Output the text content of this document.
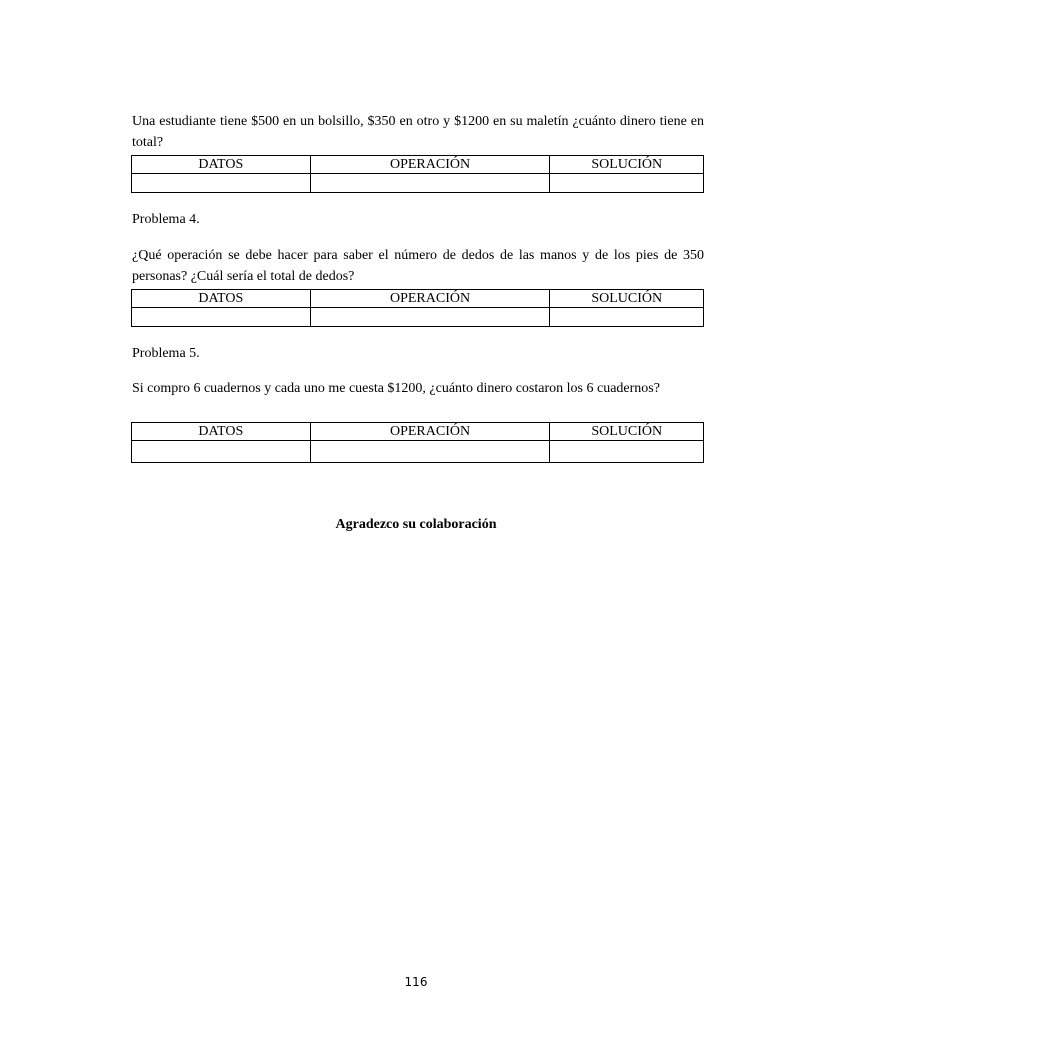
Una estudiante tiene $500 en un bolsillo, $350 en otro y $1200 en su maletín ¿cuánto dinero tiene en total?

DATOS	OPERACIÓN	SOLUCIÓN

Problema 4.

¿Qué operación se debe hacer para saber el número de dedos de las manos y de los pies de 350 personas? ¿Cuál sería el total de dedos?

DATOS	OPERACIÓN	SOLUCIÓN

Problema 5.

Si compro 6 cuadernos y cada uno me cuesta $1200, ¿cuánto dinero costaron los 6 cuadernos?

DATOS	OPERACIÓN	SOLUCIÓN

Agradezco su colaboración

116
